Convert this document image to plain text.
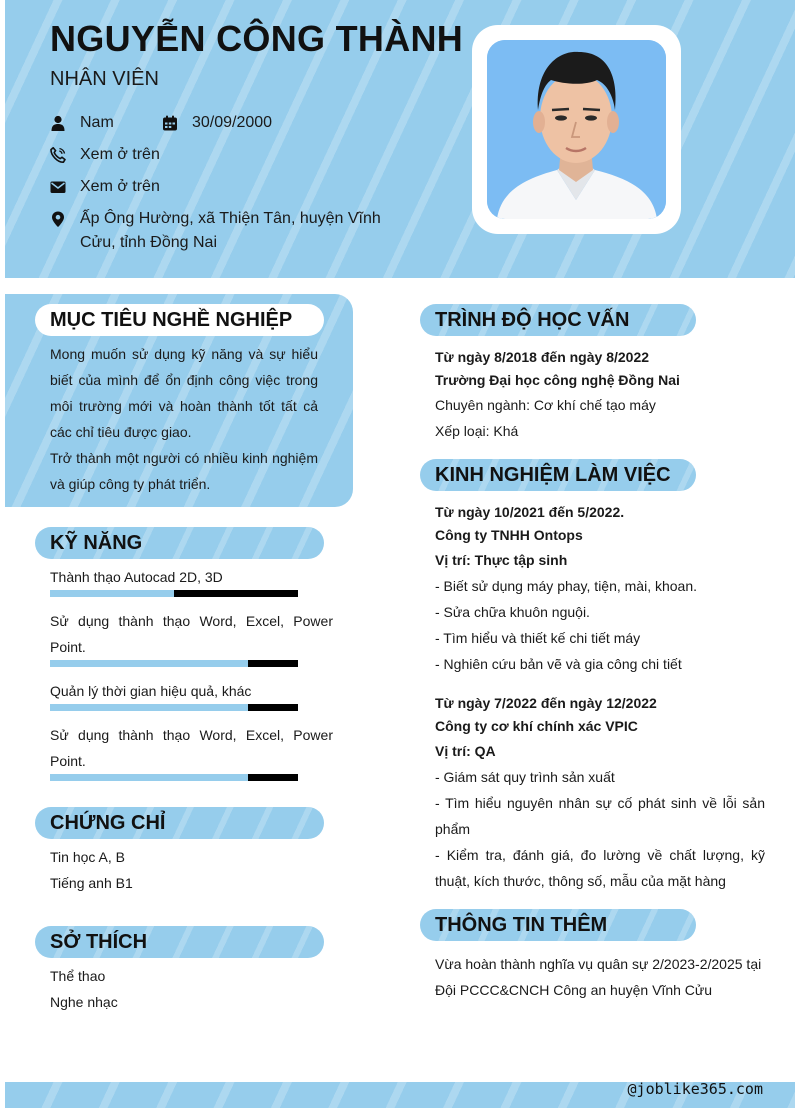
NGUYỄN CÔNG THÀNH
NHÂN VIÊN
Nam	30/09/2000
Xem ở trên
Xem ở trên
Ấp Ông Hường, xã Thiện Tân, huyện Vĩnh Cửu, tỉnh Đồng Nai
MỤC TIÊU NGHỀ NGHIỆP
Mong muốn sử dụng kỹ năng và sự hiểu biết của mình để ổn định công việc trong môi trường mới và hoàn thành tốt tất cả các chỉ tiêu được giao.
Trở thành một người có nhiều kinh nghiệm và giúp công ty phát triển.
KỸ NĂNG
Thành thạo Autocad 2D, 3D
Sử dụng thành thạo Word, Excel, Power Point.
Quản lý thời gian hiệu quả, khác
Sử dụng thành thạo Word, Excel, Power Point.
CHỨNG CHỈ
Tin học A, B
Tiếng anh B1
SỞ THÍCH
Thể thao
Nghe nhạc
TRÌNH ĐỘ HỌC VẤN
Từ ngày 8/2018 đến ngày 8/2022
Trường Đại học công nghệ Đồng Nai
Chuyên ngành: Cơ khí chế tạo máy
Xếp loại: Khá
KINH NGHIỆM LÀM VIỆC
Từ ngày 10/2021 đến 5/2022.
Công ty TNHH Ontops
Vị trí: Thực tập sinh
- Biết sử dụng máy phay, tiện, mài, khoan.
- Sửa chữa khuôn nguội.
- Tìm hiểu và thiết kế chi tiết máy
- Nghiên cứu bản vẽ và gia công chi tiết
Từ ngày 7/2022 đến ngày 12/2022
Công ty cơ khí chính xác VPIC
Vị trí: QA
- Giám sát quy trình sản xuất
- Tìm hiểu nguyên nhân sự cố phát sinh về lỗi sản phẩm
- Kiểm tra, đánh giá, đo lường về chất lượng, kỹ thuật, kích thước, thông số, mẫu của mặt hàng
THÔNG TIN THÊM
Vừa hoàn thành nghĩa vụ quân sự 2/2023-2/2025 tại Đội PCCC&CNCH Công an huyện Vĩnh Cửu
@joblike365.com
